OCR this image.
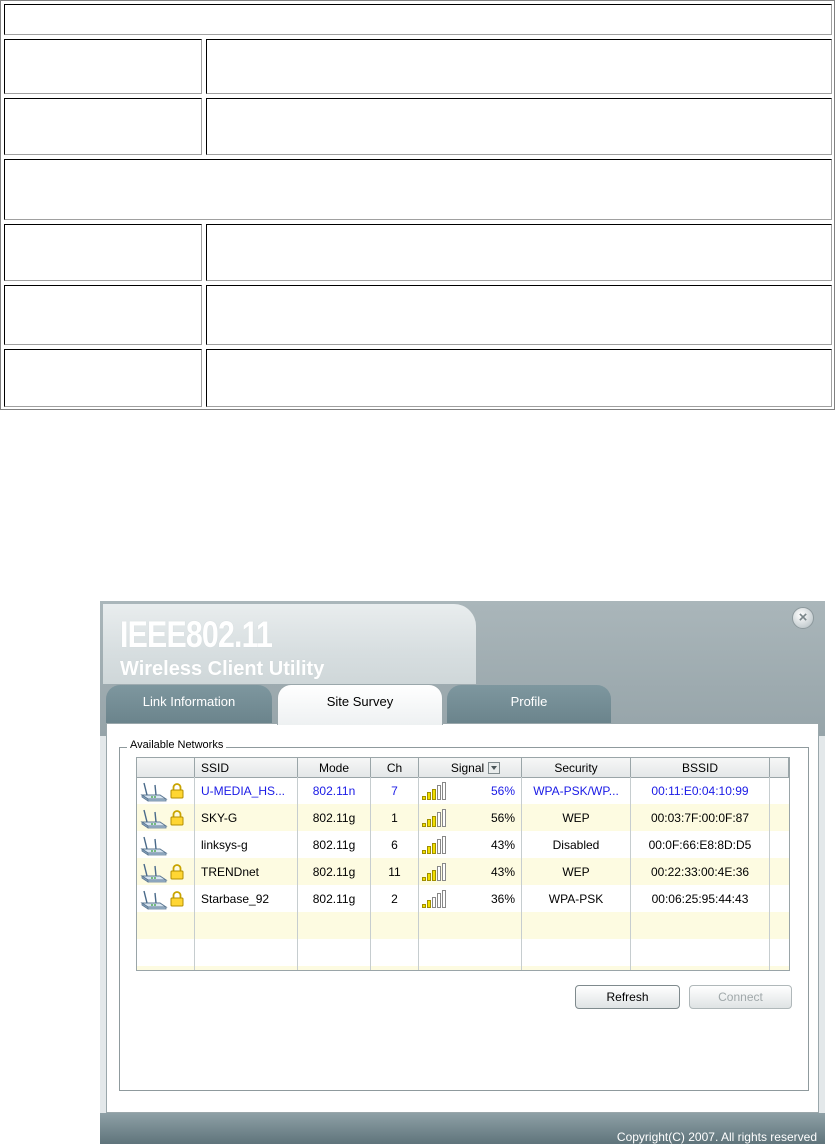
IEEE802.11
Wireless Client Utility
×
Link Information	Site Survey	Profile
Available Networks
SSID	Mode	Ch	Signal	Security	BSSID
U-MEDIA_HS...	802.11n	7	56%	WPA-PSK/WP...	00:11:E0:04:10:99
SKY-G	802.11g	1	56%	WEP	00:03:7F:00:0F:87
linksys-g	802.11g	6	43%	Disabled	00:0F:66:E8:8D:D5
TRENDnet	802.11g	11	43%	WEP	00:22:33:00:4E:36
Starbase_92	802.11g	2	36%	WPA-PSK	00:06:25:95:44:43
Refresh	Connect
Copyright(C) 2007. All rights reserved
